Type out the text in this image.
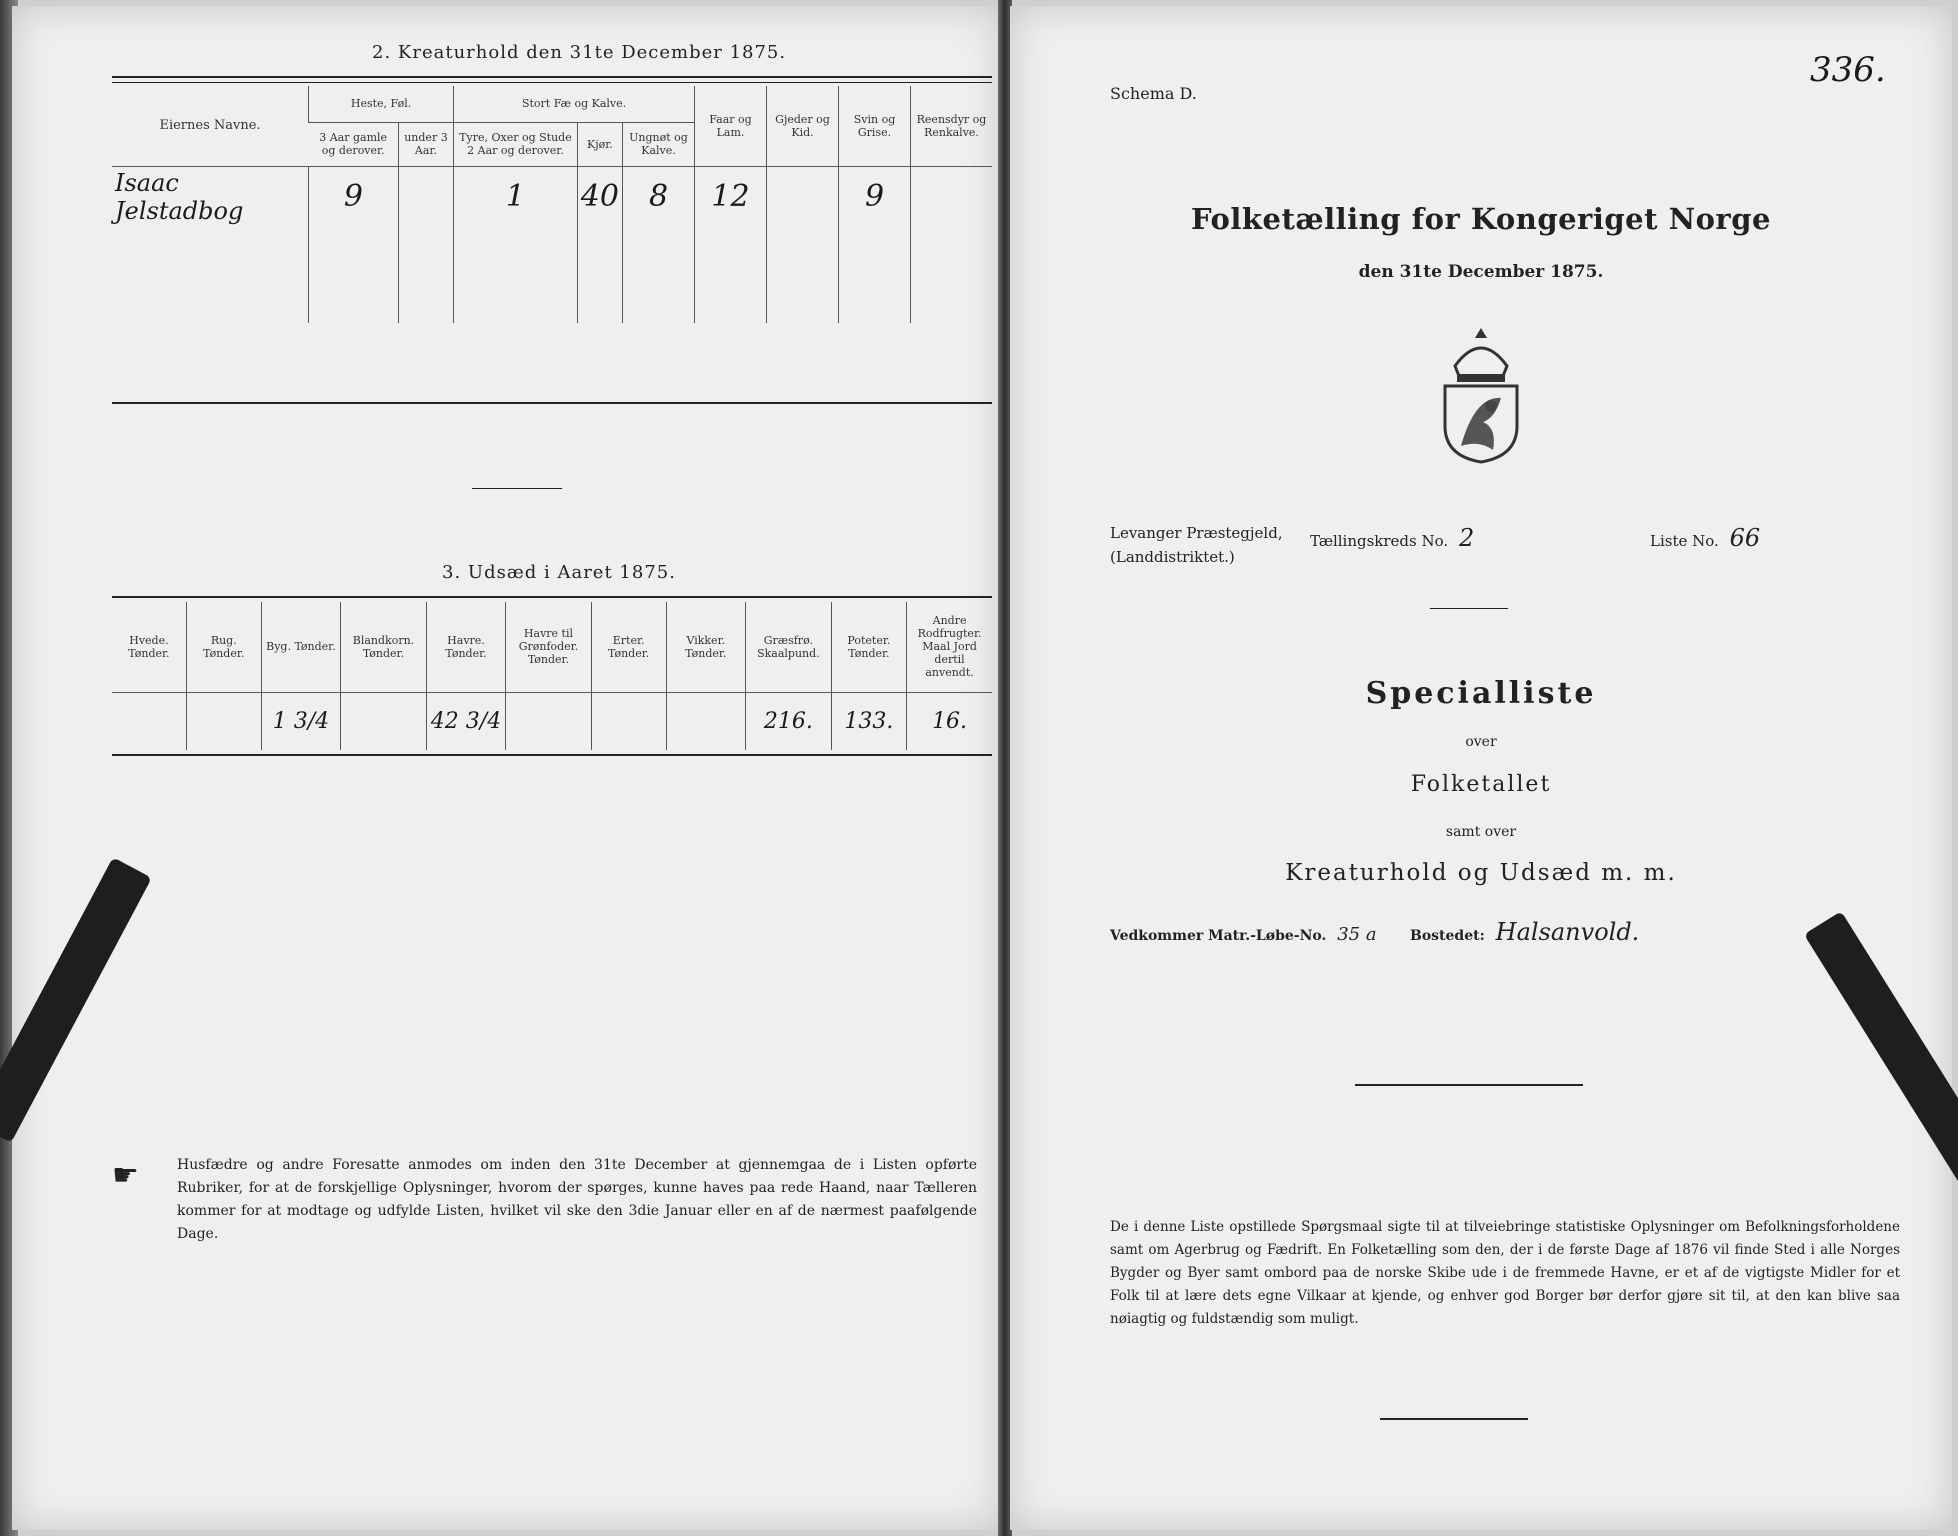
2. Kreaturhold den 31te December 1875.
Eiernes Navne.	Heste, Føl.		Stort Fæ og Kalve.			Faar og Lam.	Gjeder og Kid.	Svin og Grise.	Reensdyr og Renkalve.
	3 Aar gamle og derover.	under 3 Aar.	Tyre, Oxer og Stude 2 Aar og derover.	Kjør.	Ungnøt og Kalve.				
Isaac Jelstadbog	9		1	40	8	12		9	

3. Udsæd i Aaret 1875.
Hvede. Tønder.	Rug. Tønder.	Byg. Tønder.	Blandkorn. Tønder.	Havre. Tønder.	Havre til Grønfoder. Tønder.	Erter. Tønder.	Vikker. Tønder.	Græsfrø. Skaalpund.	Poteter. Tønder.	Andre Rodfrugter. Maal Jord dertil anvendt.
		1 3/4		42 3/4				216.	133.	16.
☛	Husfædre og andre Foresatte anmodes om inden den 31te December at gjennemgaa de i Listen opførte Rubriker, for at de forskjellige Oplysninger, hvorom der spørges, kunne haves paa rede Haand, naar Tælleren kommer for at modtage og udfylde Listen, hvilket vil ske den 3die Januar eller en af de nærmest paafølgende Dage.
336.
Schema D.
Folketælling for Kongeriget Norge
den 31te December 1875.
Levanger Præstegjeld, Tællingskreds No. 2	Liste No. 66
(Landdistriktet.)
Specialliste
over
Folketallet
samt over
Kreaturhold og Udsæd m. m.
Vedkommer Matr.-Løbe-No. 35 a Bostedet: Halsanvold.
De i denne Liste opstillede Spørgsmaal sigte til at tilveiebringe statistiske Oplysninger om Befolkningsforholdene samt om Agerbrug og Fædrift. En Folketælling som den, der i de første Dage af 1876 vil finde Sted i alle Norges Bygder og Byer samt ombord paa de norske Skibe ude i de fremmede Havne, er et af de vigtigste Midler for et Folk til at lære dets egne Vilkaar at kjende, og enhver god Borger bør derfor gjøre sit til, at den kan blive saa nøiagtig og fuldstændig som muligt.
